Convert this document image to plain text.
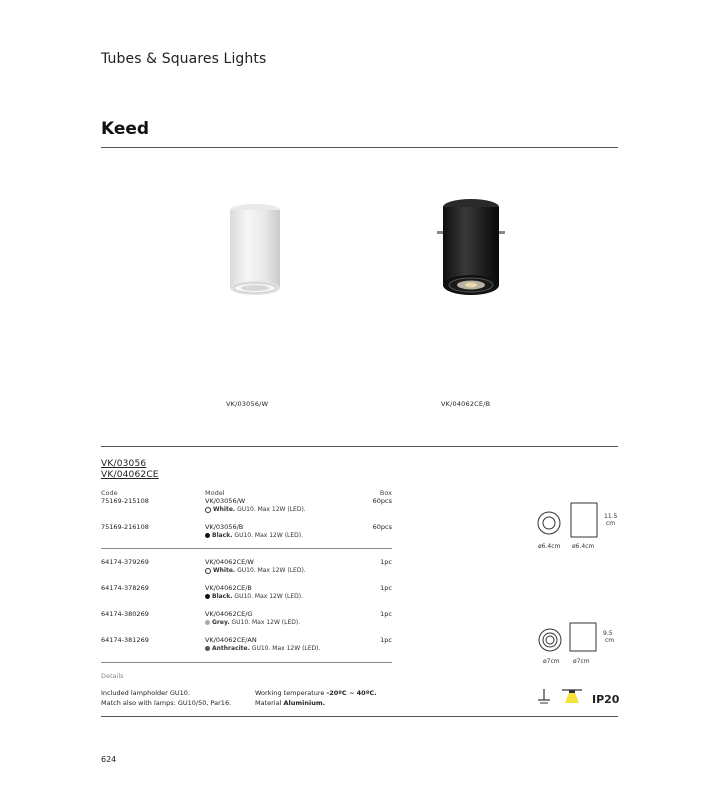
Tubes & Squares Lights
Keed
VK/03056/W	VK/04062CE/B
VK/03056
VK/04062CE
Code	Model	Box
75169-215108	VK/03056/W	60pcs
White. GU10. Max 12W (LED).
75169-216108	VK/03056/B	60pcs
Black. GU10. Max 12W (LED).
64174-379269	VK/04062CE/W	1pc
White. GU10. Max 12W (LED).
64174-378269	VK/04062CE/B	1pc
Black. GU10. Max 12W (LED).
64174-380269	VK/04062CE/G	1pc
Grey. GU10. Max 12W (LED).
64174-381269	VK/04062CE/AN	1pc
Anthracite. GU10. Max 12W (LED).
ø6.4cm ø6.4cm
11.5
cm
ø7cm ø7cm
9.5
cm
Details
Included lampholder GU10.
Match also with lamps: GU10/50, Par16.
Working temperature -20ºC ~ 40ºC.
Material Aluminium.	IP20
624
